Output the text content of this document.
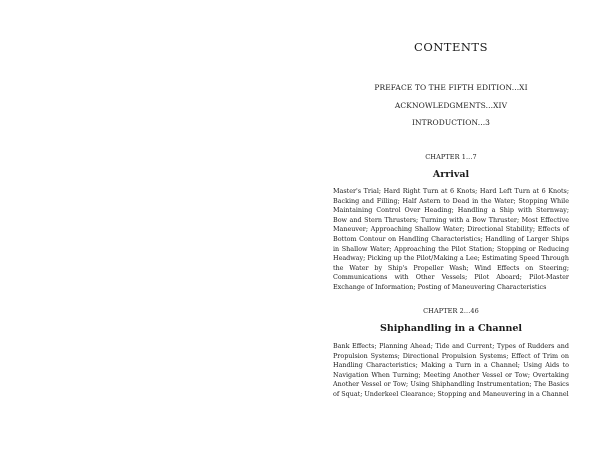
CONTENTS

PREFACE TO THE FIFTH EDITION...XI

ACKNOWLEDGMENTS...XIV

INTRODUCTION...3

CHAPTER 1...7

Arrival

Master's Trial; Hard Right Turn at 6 Knots; Hard Left Turn at 6 Knots; Backing and Filling; Half Astern to Dead in the Water; Stopping While Maintaining Control Over Heading; Handling a Ship with Sternway; Bow and Stern Thrusters; Turning with a Bow Thruster; Most Effective Maneuver; Approaching Shallow Water; Directional Stability; Effects of Bottom Contour on Handling Characteristics; Handling of Larger Ships in Shallow Water; Approaching the Pilot Station; Stopping or Reducing Headway; Picking up the Pilot/Making a Lee; Estimating Speed Through the Water by Ship's Propeller Wash; Wind Effects on Steering; Communications with Other Vessels; Pilot Aboard; Pilot-Master Exchange of Information; Posting of Maneuvering Characteristics

CHAPTER 2...46

Shiphandling in a Channel

Bank Effects; Planning Ahead; Tide and Current; Types of Rudders and Propulsion Systems; Directional Propulsion Systems; Effect of Trim on Handling Characteristics; Making a Turn in a Channel; Using Aids to Navigation When Turning; Meeting Another Vessel or Tow; Overtaking Another Vessel or Tow; Using Shiphandling Instrumentation; The Basics of Squat; Underkeel Clearance; Stopping and Maneuvering in a Channel
